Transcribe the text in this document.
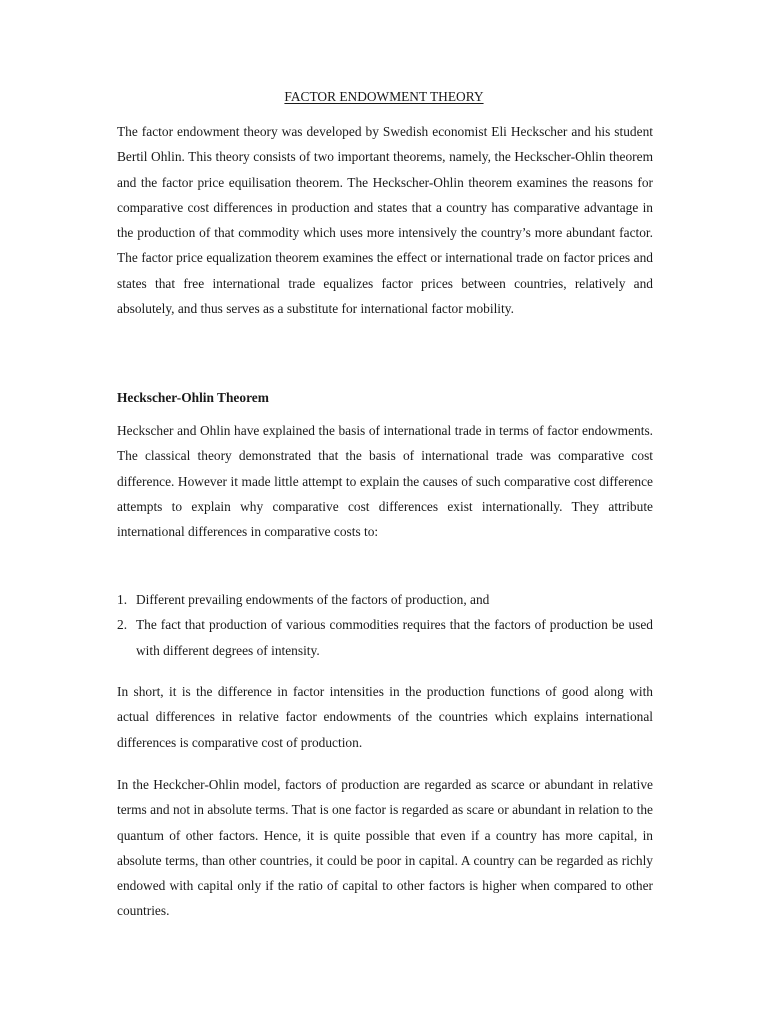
FACTOR ENDOWMENT THEORY

The factor endowment theory was developed by Swedish economist Eli Heckscher and his student Bertil Ohlin. This theory consists of two important theorems, namely, the Heckscher-Ohlin theorem and the factor price equilisation theorem. The Heckscher-Ohlin theorem examines the reasons for comparative cost differences in production and states that a country has comparative advantage in the production of that commodity which uses more intensively the country’s more abundant factor. The factor price equalization theorem examines the effect or international trade on factor prices and states that free international trade equalizes factor prices between countries, relatively and absolutely, and thus serves as a substitute for international factor mobility.

Heckscher-Ohlin Theorem

Heckscher and Ohlin have explained the basis of international trade in terms of factor endowments. The classical theory demonstrated that the basis of international trade was comparative cost difference. However it made little attempt to explain the causes of such comparative cost difference attempts to explain why comparative cost differences exist internationally. They attribute international differences in comparative costs to:

1. Different prevailing endowments of the factors of production, and
2. The fact that production of various commodities requires that the factors of production be used with different degrees of intensity.

In short, it is the difference in factor intensities in the production functions of good along with actual differences in relative factor endowments of the countries which explains international differences is comparative cost of production.

In the Heckcher-Ohlin model, factors of production are regarded as scarce or abundant in relative terms and not in absolute terms. That is one factor is regarded as scare or abundant in relation to the quantum of other factors. Hence, it is quite possible that even if a country has more capital, in absolute terms, than other countries, it could be poor in capital. A country can be regarded as richly endowed with capital only if the ratio of capital to other factors is higher when compared to other countries.
